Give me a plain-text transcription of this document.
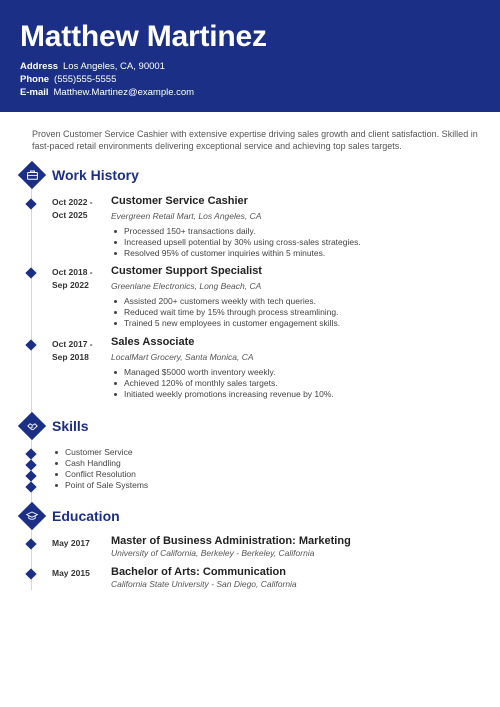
Matthew Martinez
Address Los Angeles, CA, 90001
Phone (555)555-5555
E-mail Matthew.Martinez@example.com
Proven Customer Service Cashier with extensive expertise driving sales growth and client satisfaction. Skilled in fast-paced retail environments delivering exceptional service and achieving top sales targets.
Work History
Oct 2022 -
Oct 2025
Customer Service Cashier
Evergreen Retail Mart, Los Angeles, CA
Processed 150+ transactions daily.
Increased upsell potential by 30% using cross-sales strategies.
Resolved 95% of customer inquiries within 5 minutes.
Oct 2018 -
Sep 2022
Customer Support Specialist
Greenlane Electronics, Long Beach, CA
Assisted 200+ customers weekly with tech queries.
Reduced wait time by 15% through process streamlining.
Trained 5 new employees in customer engagement skills.
Oct 2017 -
Sep 2018
Sales Associate
LocalMart Grocery, Santa Monica, CA
Managed $5000 worth inventory weekly.
Achieved 120% of monthly sales targets.
Initiated weekly promotions increasing revenue by 10%.
Skills
Customer Service
Cash Handling
Conflict Resolution
Point of Sale Systems
Education
May 2017 Master of Business Administration: Marketing
University of California, Berkeley - Berkeley, California
May 2015 Bachelor of Arts: Communication
California State University - San Diego, California
